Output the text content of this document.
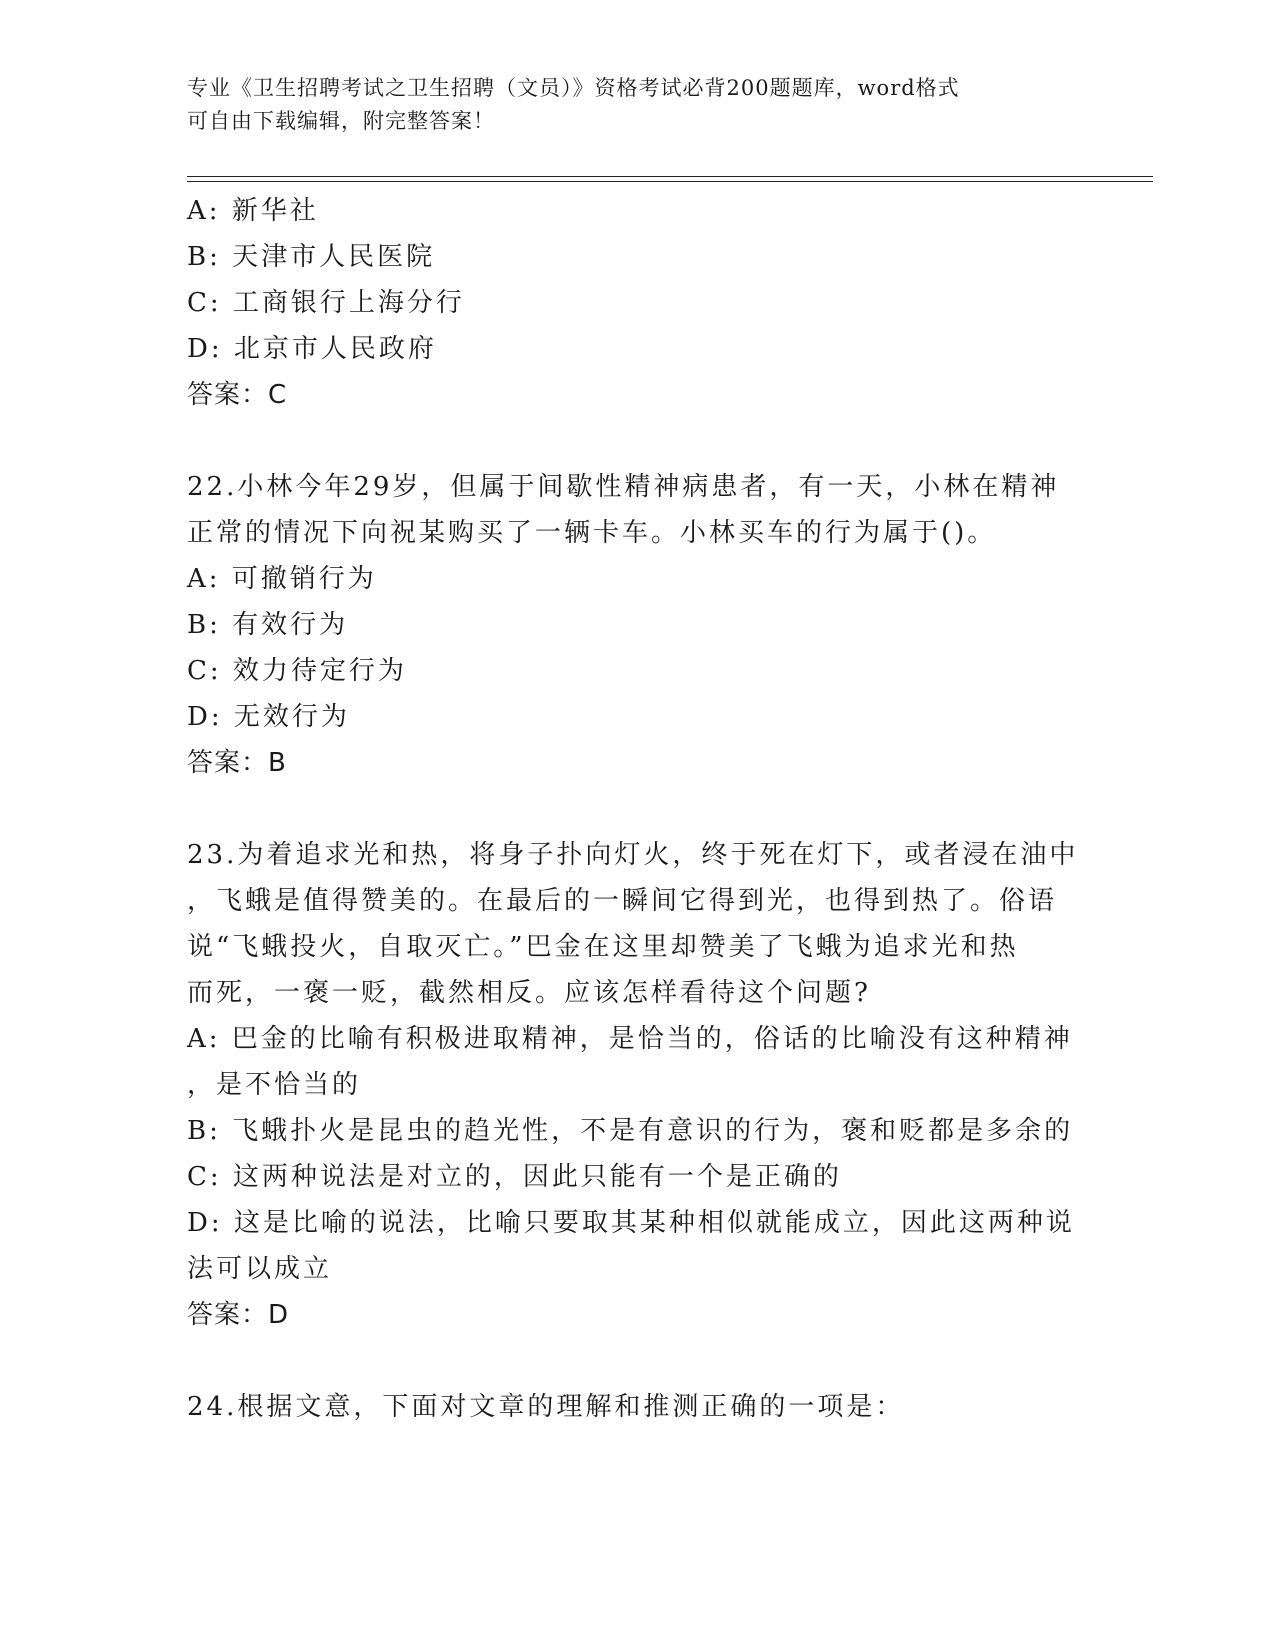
专业《卫生招聘考试之卫生招聘（文员）》资格考试必背200题题库，word格式
可自由下载编辑，附完整答案！
A: 新华社
B: 天津市人民医院
C: 工商银行上海分行
D: 北京市人民政府
答案：C
22.小林今年29岁，但属于间歇性精神病患者，有一天，小林在精神
正常的情况下向祝某购买了一辆卡车。小林买车的行为属于()。
A: 可撤销行为
B: 有效行为
C: 效力待定行为
D: 无效行为
答案：B
23.为着追求光和热，将身子扑向灯火，终于死在灯下，或者浸在油中
，飞蛾是值得赞美的。在最后的一瞬间它得到光，也得到热了。俗语
说“飞蛾投火，自取灭亡。”巴金在这里却赞美了飞蛾为追求光和热
而死，一褒一贬，截然相反。应该怎样看待这个问题?
A: 巴金的比喻有积极进取精神，是恰当的，俗话的比喻没有这种精神
，是不恰当的
B: 飞蛾扑火是昆虫的趋光性，不是有意识的行为，褒和贬都是多余的
C: 这两种说法是对立的，因此只能有一个是正确的
D: 这是比喻的说法，比喻只要取其某种相似就能成立，因此这两种说
法可以成立
答案：D
24.根据文意，下面对文章的理解和推测正确的一项是：
